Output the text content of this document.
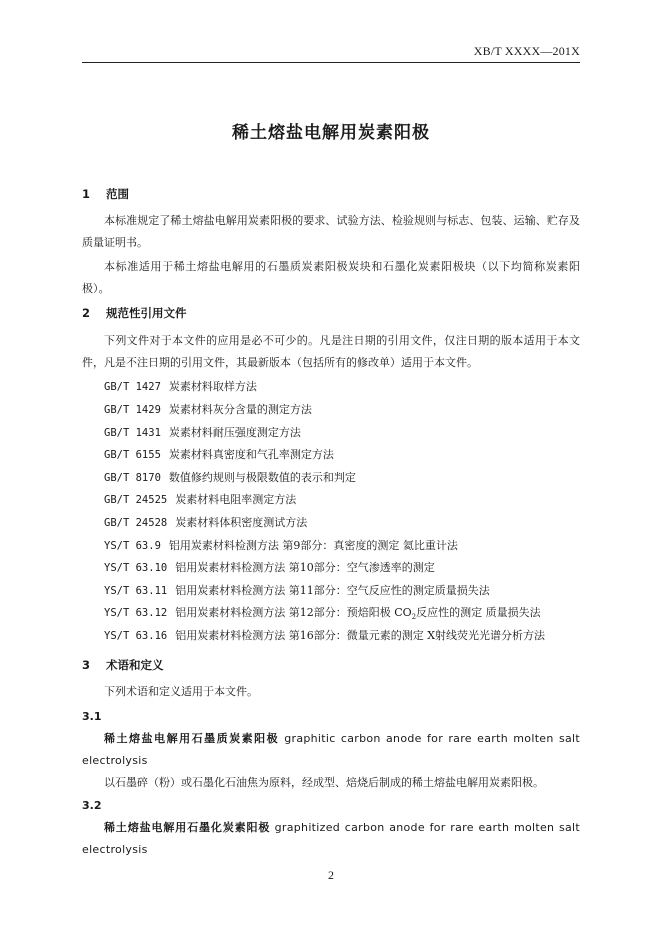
XB/T XXXX—201X
稀土熔盐电解用炭素阳极
1 范围
本标准规定了稀土熔盐电解用炭素阳极的要求、试验方法、检验规则与标志、包装、运输、贮存及质量证明书。
本标准适用于稀土熔盐电解用的石墨质炭素阳极炭块和石墨化炭素阳极块（以下均简称炭素阳极）。
2 规范性引用文件
下列文件对于本文件的应用是必不可少的。凡是注日期的引用文件，仅注日期的版本适用于本文件，凡是不注日期的引用文件，其最新版本（包括所有的修改单）适用于本文件。
GB/T 1427 炭素材料取样方法
GB/T 1429 炭素材料灰分含量的测定方法
GB/T 1431 炭素材料耐压强度测定方法
GB/T 6155 炭素材料真密度和气孔率测定方法
GB/T 8170 数值修约规则与极限数值的表示和判定
GB/T 24525 炭素材料电阻率测定方法
GB/T 24528 炭素材料体积密度测试方法
YS/T 63.9 铝用炭素材料检测方法 第9部分：真密度的测定 氦比重计法
YS/T 63.10 铝用炭素材料检测方法 第10部分：空气渗透率的测定
YS/T 63.11 铝用炭素材料检测方法 第11部分：空气反应性的测定质量损失法
YS/T 63.12 铝用炭素材料检测方法 第12部分：预焙阳极 $CO_2$反应性的测定 质量损失法
YS/T 63.16 铝用炭素材料检测方法 第16部分：微量元素的测定 X射线荧光光谱分析方法
3 术语和定义
下列术语和定义适用于本文件。
3.1
稀土熔盐电解用石墨质炭素阳极 graphitic carbon anode for rare earth molten salt electrolysis
以石墨碎（粉）或石墨化石油焦为原料，经成型、焙烧后制成的稀土熔盐电解用炭素阳极。
3.2
稀土熔盐电解用石墨化炭素阳极 graphitized carbon anode for rare earth molten salt electrolysis
2
